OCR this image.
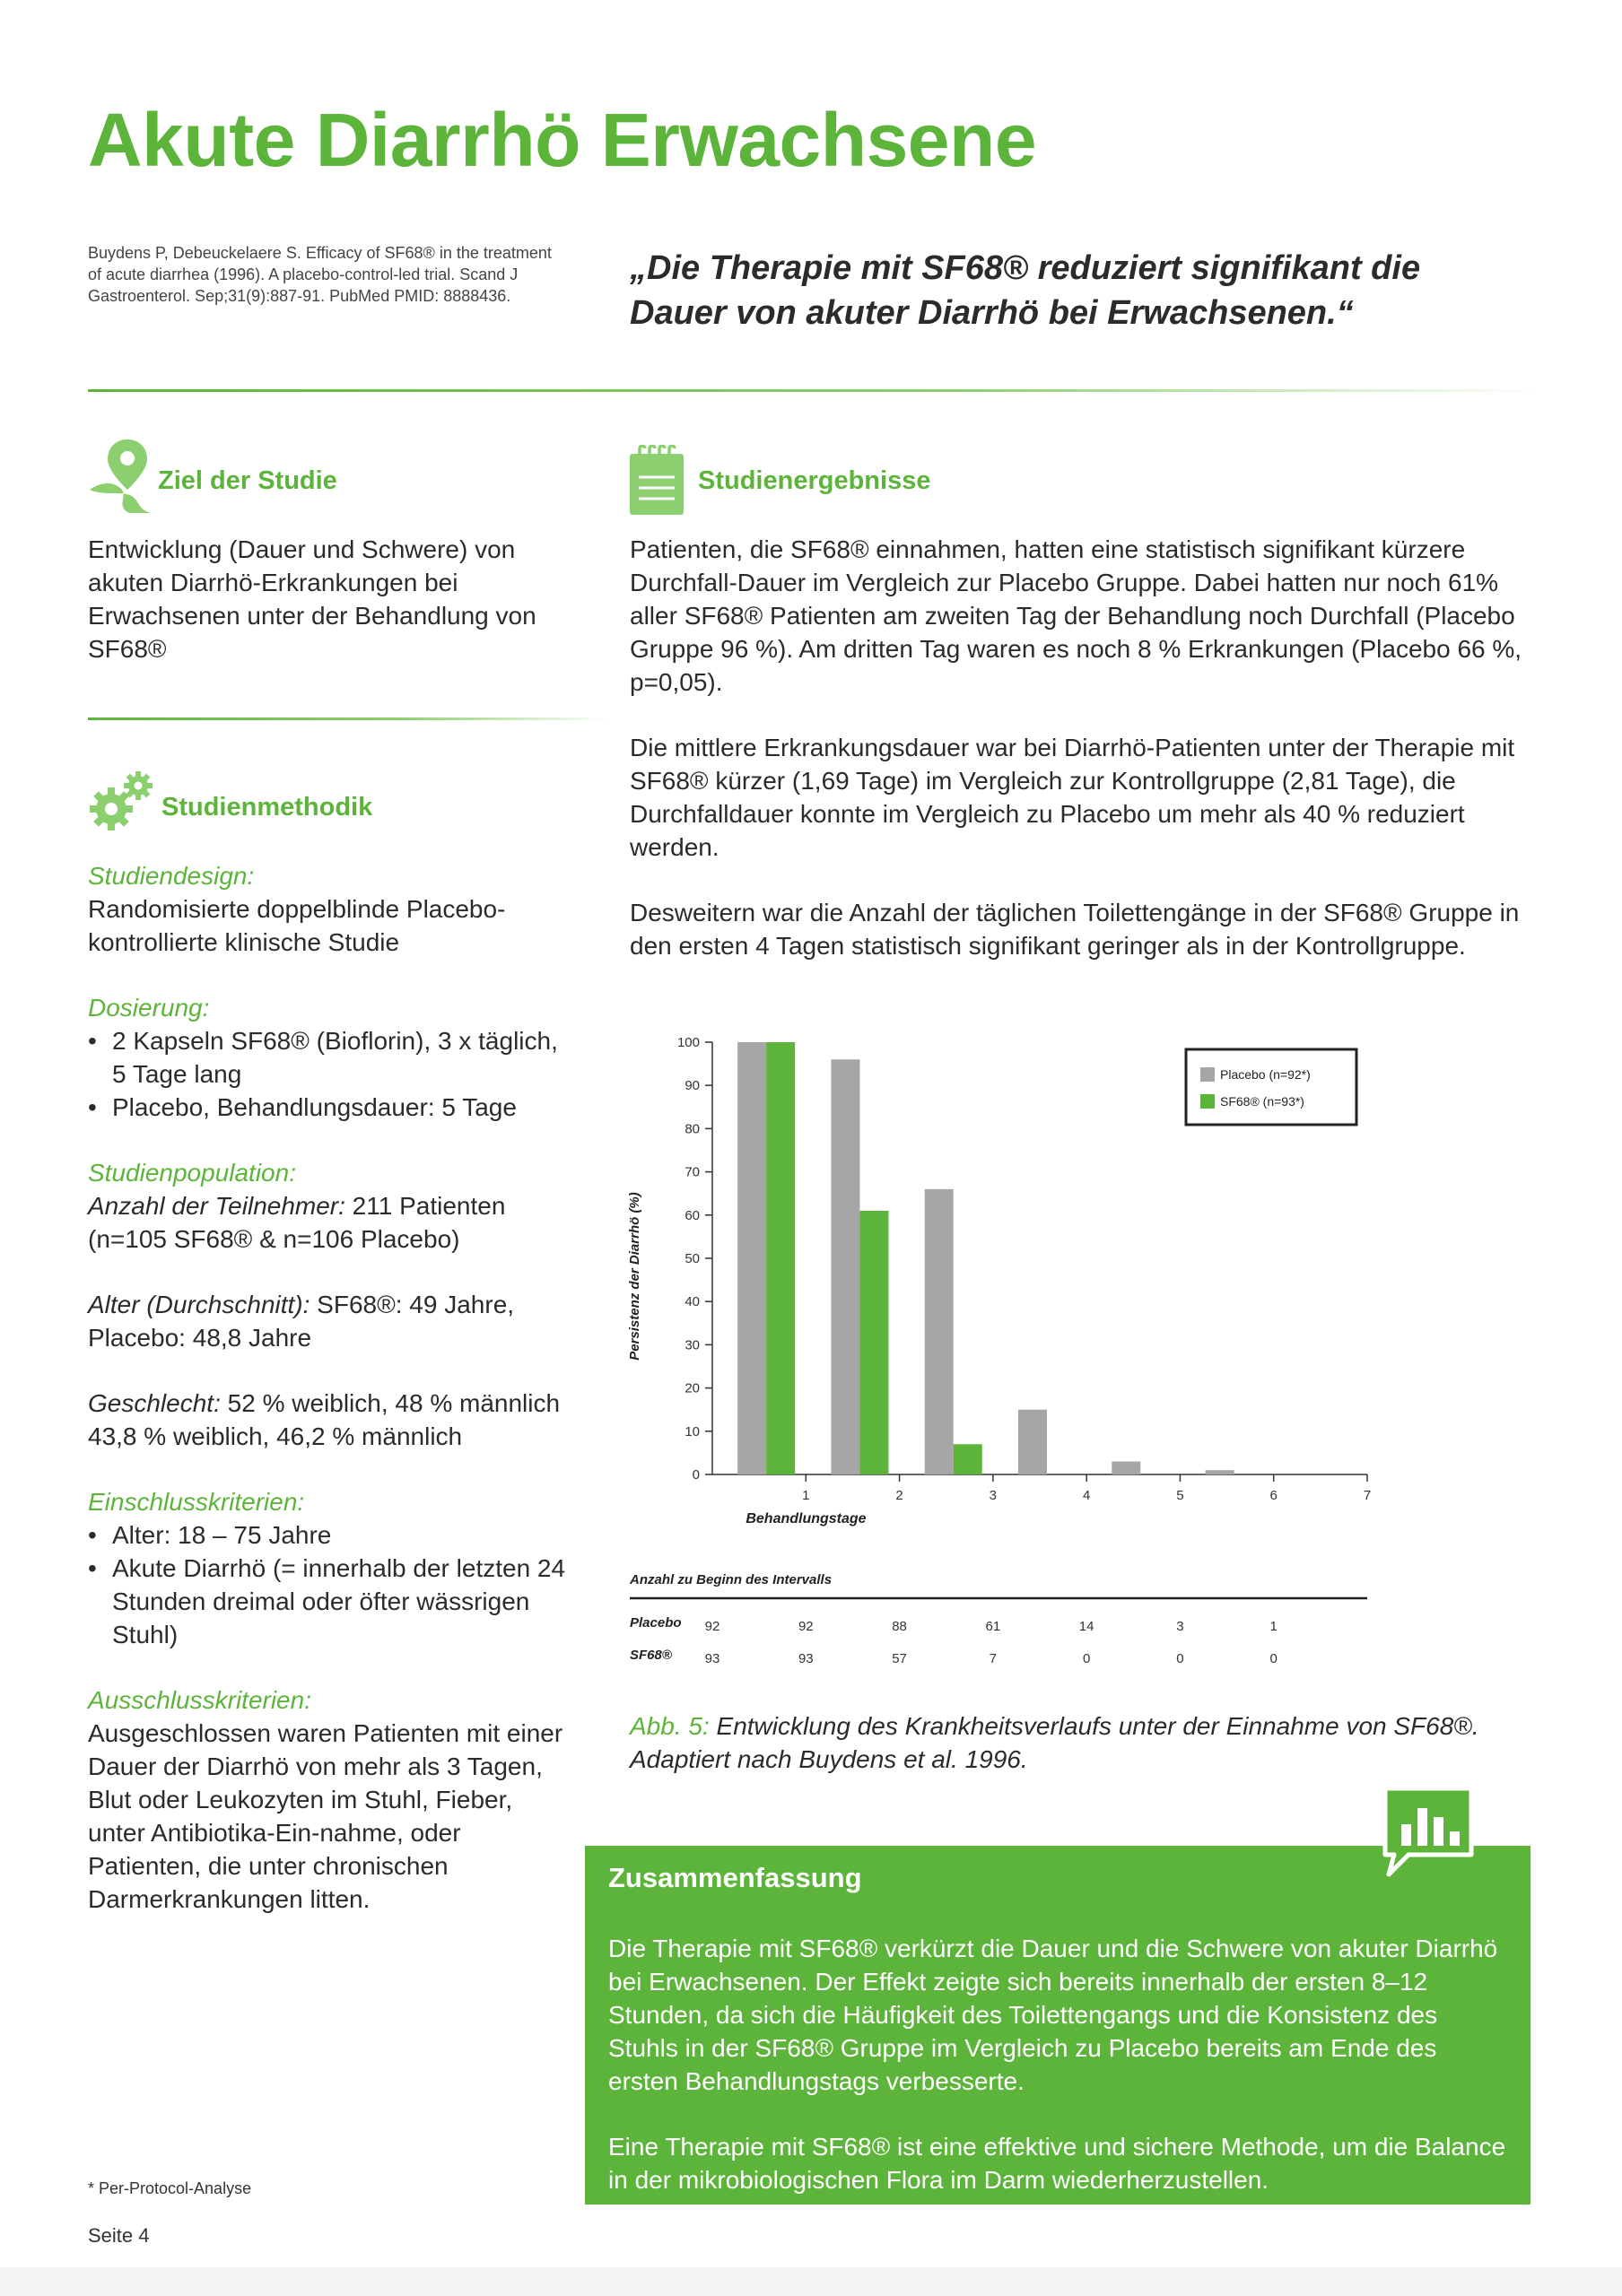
Akute Diarrhö Erwachsene
Buydens P, Debeuckelaere S. Efficacy of SF68® in the treatment of acute diarrhea (1996). A placebo-control-led trial. Scand J Gastroenterol. Sep;31(9):887-91. PubMed PMID: 8888436.
„Die Therapie mit SF68® reduziert signifikant die Dauer von akuter Diarrhö bei Erwachsenen.“
Ziel der Studie
Entwicklung (Dauer und Schwere) von akuten Diarrhö-Erkrankungen bei Erwachsenen unter der Behandlung von SF68®
Studienmethodik
Studiendesign:
Randomisierte doppelblinde Placebo-kontrollierte klinische Studie
Dosierung:
• 2 Kapseln SF68® (Bioflorin), 3 x täglich, 5 Tage lang
• Placebo, Behandlungsdauer: 5 Tage
Studienpopulation:
Anzahl der Teilnehmer: 211 Patienten (n=105 SF68® & n=106 Placebo)
Alter (Durchschnitt): SF68®: 49 Jahre, Placebo: 48,8 Jahre
Geschlecht: 52 % weiblich, 48 % männlich
43,8 % weiblich, 46,2 % männlich
Einschlusskriterien:
• Alter: 18 – 75 Jahre
• Akute Diarrhö (= innerhalb der letzten 24 Stunden dreimal oder öfter wässrigen Stuhl)
Ausschlusskriterien:
Ausgeschlossen waren Patienten mit einer Dauer der Diarrhö von mehr als 3 Tagen, Blut oder Leukozyten im Stuhl, Fieber, unter Antibiotika-Ein-nahme, oder Patienten, die unter chronischen Darmerkrankungen litten.
Studienergebnisse

Patienten, die SF68® einnahmen, hatten eine statistisch signifikant kürzere Durchfall-Dauer im Vergleich zur Placebo Gruppe. Dabei hatten nur noch 61% aller SF68® Patienten am zweiten Tag der Behandlung noch Durchfall (Placebo Gruppe 96 %). Am dritten Tag waren es noch 8 % Erkrankungen (Placebo 66 %, p=0,05).

Die mittlere Erkrankungsdauer war bei Diarrhö-Patienten unter der Therapie mit SF68® kürzer (1,69 Tage) im Vergleich zur Kontrollgruppe (2,81 Tage), die Durchfalldauer konnte im Vergleich zu Placebo um mehr als 40 % reduziert werden.

Desweitern war die Anzahl der täglichen Toilettengänge in der SF68® Gruppe in den ersten 4 Tagen statistisch signifikant geringer als in der Kontrollgruppe.

0
10
20
30
40
50
60
70
80
90
100
1	2	3	4	5	6	7
Behandlungstage
Persistenz der Diarrhö (%)
Placebo (n=92*)
SF68® (n=93*)
Anzahl zu Beginn des Intervalls
Placebo 92	92	88	61	14	3	1
SF68® 93	93	57	7	0	0	0
Abb. 5: Entwicklung des Krankheitsverlaufs unter der Einnahme von SF68®. Adaptiert nach Buydens et al. 1996.
Zusammenfassung

Die Therapie mit SF68® verkürzt die Dauer und die Schwere von akuter Diarrhö bei Erwachsenen. Der Effekt zeigte sich bereits innerhalb der ersten 8–12 Stunden, da sich die Häufigkeit des Toilettengangs und die Konsistenz des Stuhls in der SF68® Gruppe im Vergleich zu Placebo bereits am Ende des ersten Behandlungstags verbesserte.

Eine Therapie mit SF68® ist eine effektive und sichere Methode, um die Balance in der mikrobiologischen Flora im Darm wiederherzustellen.

* Per-Protocol-Analyse
Seite 4
